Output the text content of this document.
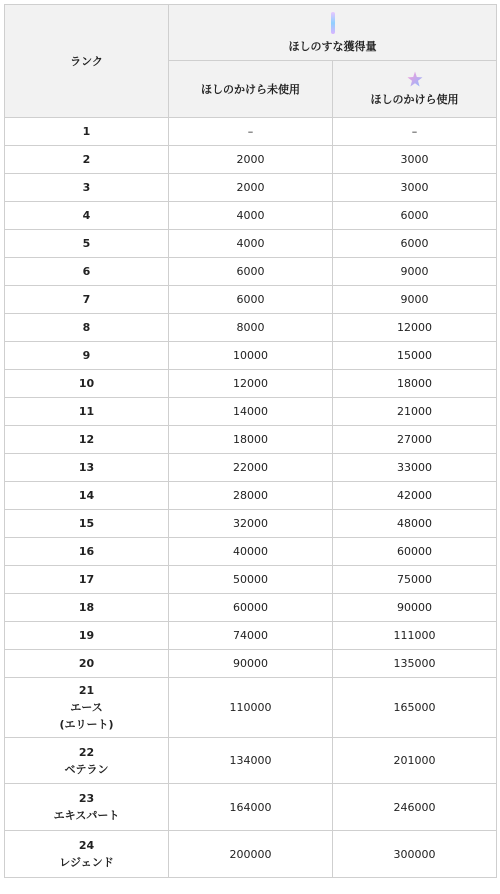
ランク	ほしのすな獲得量	
	ほしのかけら未使用	ほしのかけら使用

1	–	–

2	2000	3000

3	2000	3000

4	4000	6000

5	4000	6000

6	6000	9000

7	6000	9000

8	8000	12000

9	10000	15000

10	12000	18000

11	14000	21000

12	18000	27000

13	22000	33000

14	28000	42000

15	32000	48000

16	40000	60000

17	50000	75000

18	60000	90000

19	74000	111000

20	90000	135000

21
エース
(エリート)	110000	165000

22
ベテラン	134000	201000

23
エキスパート	164000	246000

24
レジェンド	200000	300000
